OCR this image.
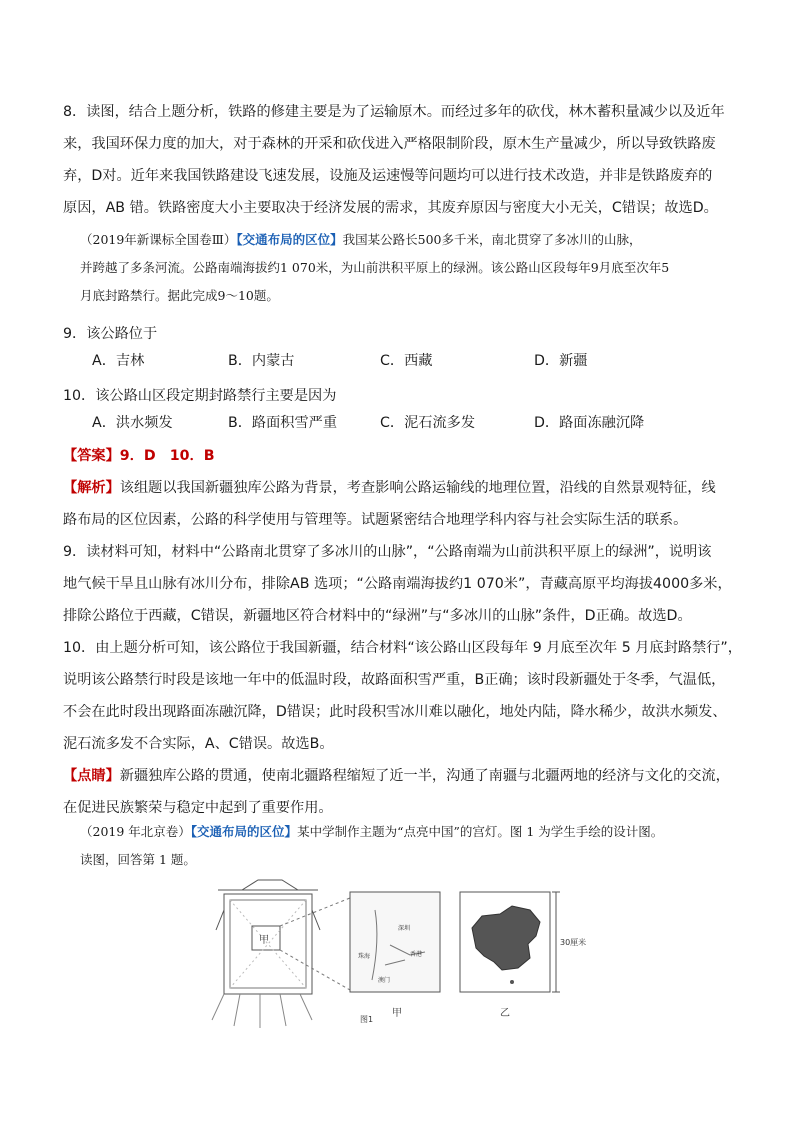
8．读图，结合上题分析，铁路的修建主要是为了运输原木。而经过多年的砍伐，林木蓄积量减少以及近年
来，我国环保力度的加大，对于森林的开采和砍伐进入严格限制阶段，原木生产量减少，所以导致铁路废
弃，D对。近年来我国铁路建设飞速发展，设施及运速慢等问题均可以进行技术改造，并非是铁路废弃的
原因，AB 错。铁路密度大小主要取决于经济发展的需求，其废弃原因与密度大小无关，C错误；故选D。
（2019年新课标全国卷Ⅲ）【交通布局的区位】我国某公路长500多千米，南北贯穿了多冰川的山脉，
并跨越了多条河流。公路南端海拔约1 070米，为山前洪积平原上的绿洲。该公路山区段每年9月底至次年5
月底封路禁行。据此完成9～10题。
9．该公路位于
A．吉林	B．内蒙古	C．西藏	D．新疆
10．该公路山区段定期封路禁行主要是因为
A．洪水频发	B．路面积雪严重	C．泥石流多发	D．路面冻融沉降
【答案】9．D　10．B
【解析】该组题以我国新疆独库公路为背景，考查影响公路运输线的地理位置，沿线的自然景观特征，线
路布局的区位因素，公路的科学使用与管理等。试题紧密结合地理学科内容与社会实际生活的联系。
9．读材料可知，材料中“公路南北贯穿了多冰川的山脉”，“公路南端为山前洪积平原上的绿洲”，说明该
地气候干旱且山脉有冰川分布，排除AB 选项；“公路南端海拔约1 070米”，青藏高原平均海拔4000多米，
排除公路位于西藏，C错误，新疆地区符合材料中的“绿洲”与“多冰川的山脉”条件，D正确。故选D。
10．由上题分析可知，该公路位于我国新疆，结合材料“该公路山区段每年 9 月底至次年 5 月底封路禁行”，
说明该公路禁行时段是该地一年中的低温时段，故路面积雪严重，B正确；该时段新疆处于冬季，气温低，
不会在此时段出现路面冻融沉降，D错误；此时段积雪冰川难以融化，地处内陆，降水稀少，故洪水频发、
泥石流多发不合实际，A、C错误。故选B。
【点睛】新疆独库公路的贯通，使南北疆路程缩短了近一半，沟通了南疆与北疆两地的经济与文化的交流，
在促进民族繁荣与稳定中起到了重要作用。
（2019 年北京卷）【交通布局的区位】某中学制作主题为“点亮中国”的宫灯。图 1 为学生手绘的设计图。
读图，回答第 1 题。
甲
深圳
香港
珠海
澳门
甲
图1
30厘米
乙
